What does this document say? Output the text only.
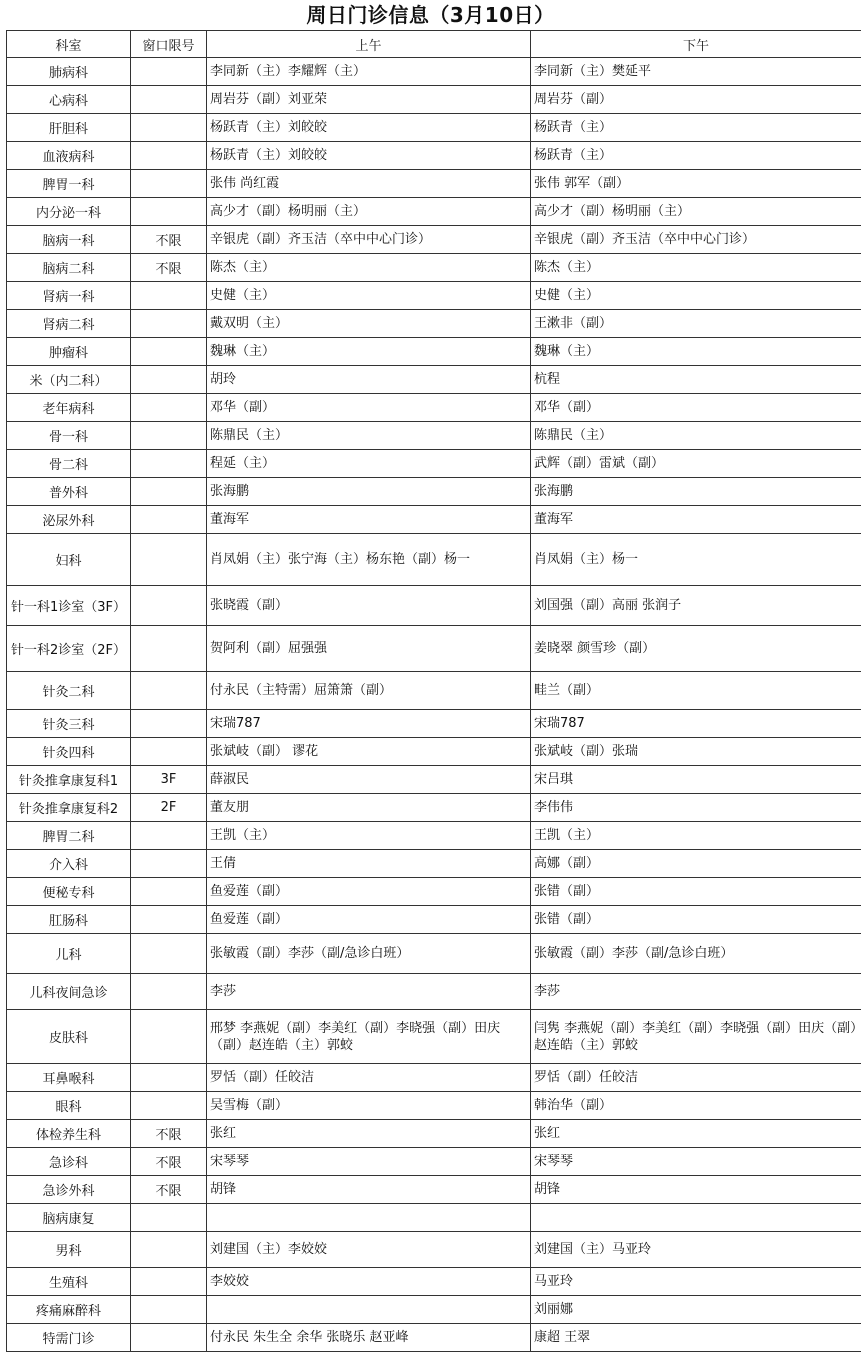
周日门诊信息（3月10日）
科室	窗口限号	上午	下午
肺病科		李同新（主）李耀辉（主）	李同新（主）樊延平
心病科		周岩芬（副）刘亚荣	周岩芬（副）
肝胆科		杨跃青（主）刘皎皎	杨跃青（主）
血液病科		杨跃青（主）刘皎皎	杨跃青（主）
脾胃一科		张伟 尚红霞	张伟 郭军（副）
内分泌一科		高少才（副）杨明丽（主）	高少才（副）杨明丽（主）
脑病一科	不限	辛银虎（副）齐玉洁（卒中中心门诊）	辛银虎（副）齐玉洁（卒中中心门诊）
脑病二科	不限	陈杰（主）	陈杰（主）
肾病一科		史健（主）	史健（主）
肾病二科		戴双明（主）	王漱非（副）
肿瘤科		魏琳（主）	魏琳（主）
米（内二科）		胡玲	杭程
老年病科		邓华（副）	邓华（副）
骨一科		陈鼎民（主）	陈鼎民（主）
骨二科		程延（主）	武辉（副）雷斌（副）
普外科		张海鹏	张海鹏
泌尿外科		董海军	董海军
妇科		肖凤娟（主）张宁海（主）杨东艳（副）杨一	肖凤娟（主）杨一
针一科1诊室（3F）		张晓霞（副）	刘国强（副）高丽 张润子
针一科2诊室（2F）		贺阿利（副）屈强强	姜晓翠 颜雪珍（副）
针灸二科		付永民（主特需）屈箫箫（副）	畦兰（副）
针灸三科		宋瑞787	宋瑞787
针灸四科		张斌岐（副） 谬花	张斌岐（副）张瑞
针灸推拿康复科1	3F	薛淑民	宋吕琪
针灸推拿康复科2	2F	董友朋	李伟伟
脾胃二科		王凯（主）	王凯（主）
介入科		王倩	高娜（副）
便秘专科		鱼爱莲（副）	张错（副）
肛肠科		鱼爱莲（副）	张错（副）
儿科		张敏霞（副）李莎（副/急诊白班）	张敏霞（副）李莎（副/急诊白班）
儿科夜间急诊		李莎	李莎
皮肤科		邢梦 李燕妮（副）李美红（副）李晓强（副）田庆（副）赵连皓（主）郭蛟	闫隽 李燕妮（副）李美红（副）李晓强（副）田庆（副）赵连皓（主）郭蛟
耳鼻喉科		罗恬（副）任皎洁	罗恬（副）任皎洁
眼科		吴雪梅（副）	韩治华（副）
体检养生科	不限	张红	张红
急诊科	不限	宋琴琴	宋琴琴
急诊外科	不限	胡锋	胡锋
脑病康复			
男科		刘建国（主）李姣姣	刘建国（主）马亚玲
生殖科		李姣姣	马亚玲
疼痛麻醉科			刘丽娜
特需门诊		付永民 朱生全 余华 张晓乐 赵亚峰	康超 王翠
